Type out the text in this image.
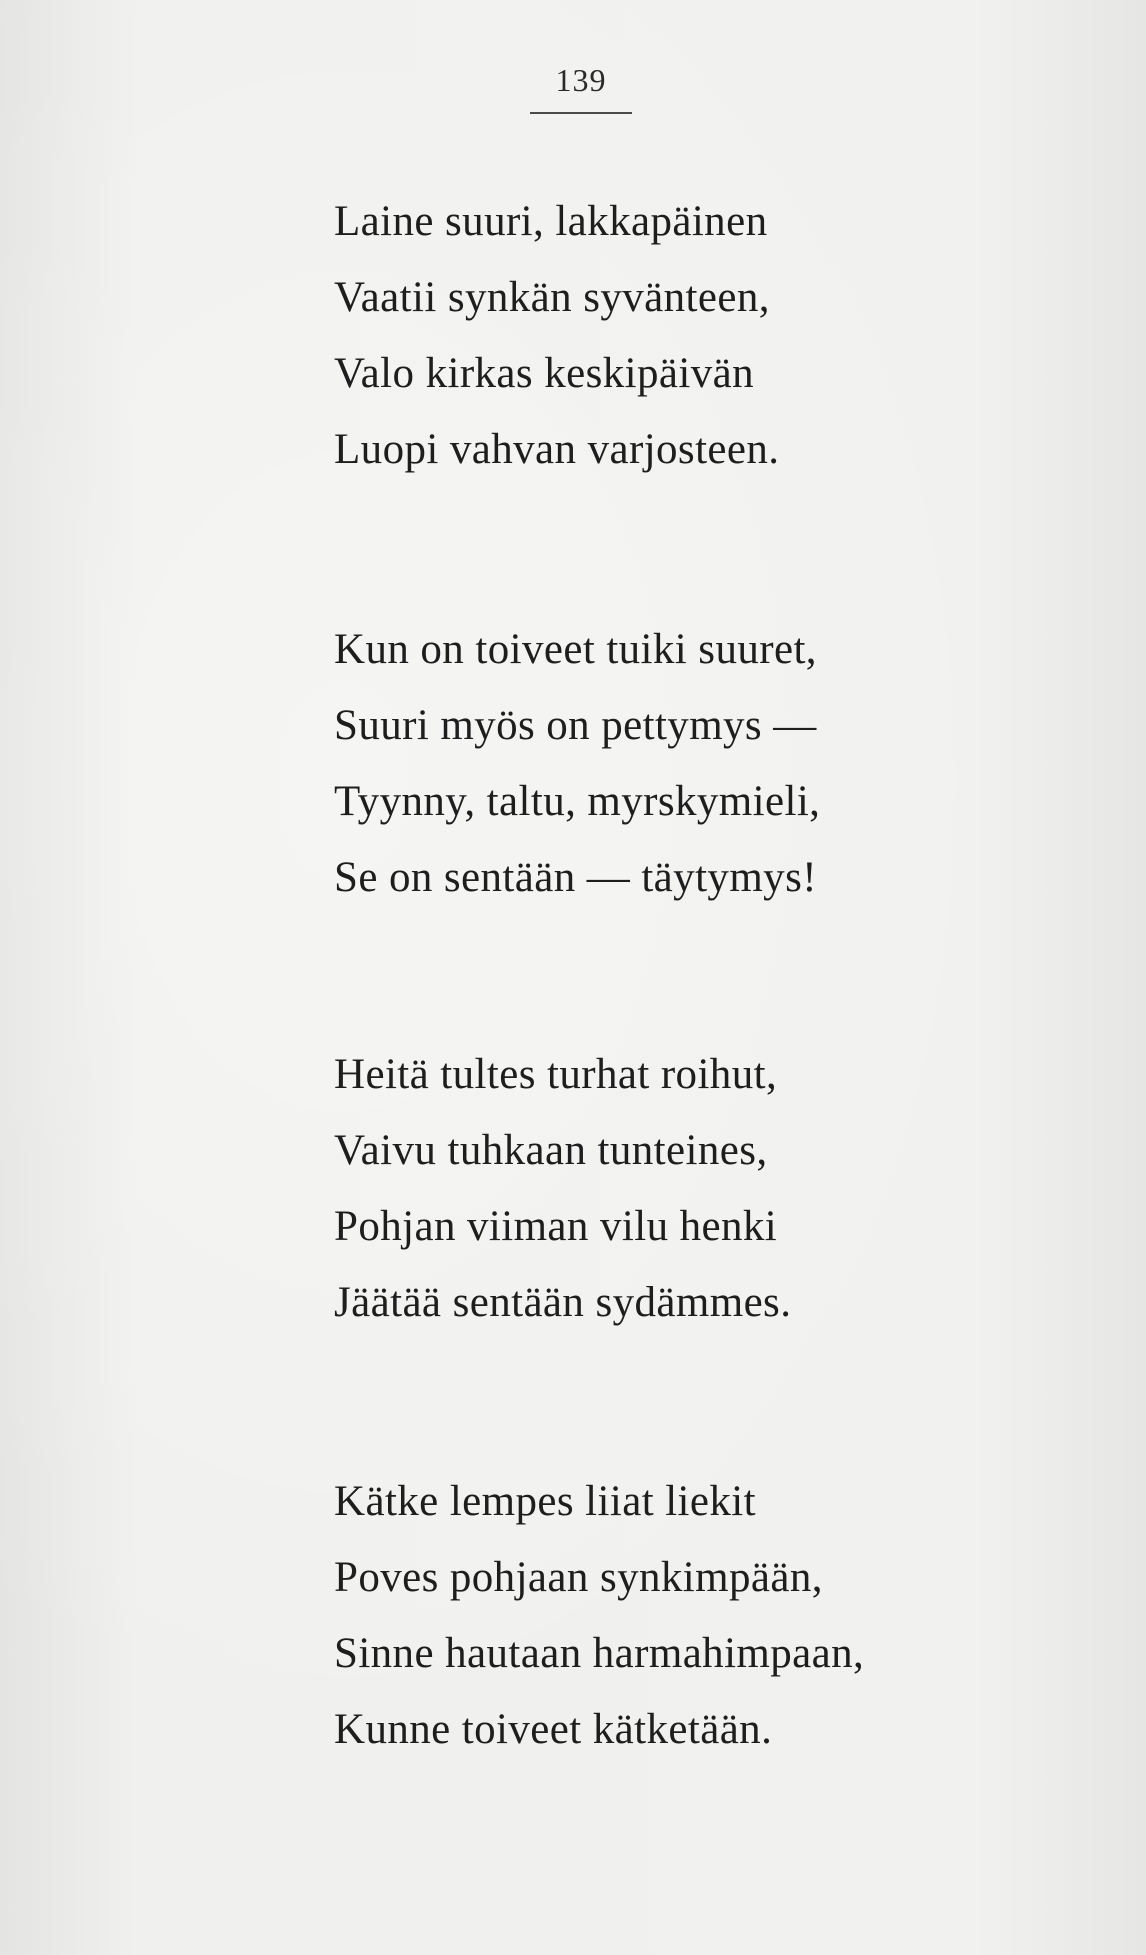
139
Laine suuri, lakkapäinen
Vaatii synkän syvänteen,
Valo kirkas keskipäivän
Luopi vahvan varjosteen.
Kun on toiveet tuiki suuret,
Suuri myös on pettymys —
Tyynny, taltu, myrskymieli,
Se on sentään — täytymys!
Heitä tultes turhat roihut,
Vaivu tuhkaan tunteines,
Pohjan viiman vilu henki
Jäätää sentään sydämmes.
Kätke lempes liiat liekit
Poves pohjaan synkimpään,
Sinne hautaan harmahimpaan,
Kunne toiveet kätketään.
